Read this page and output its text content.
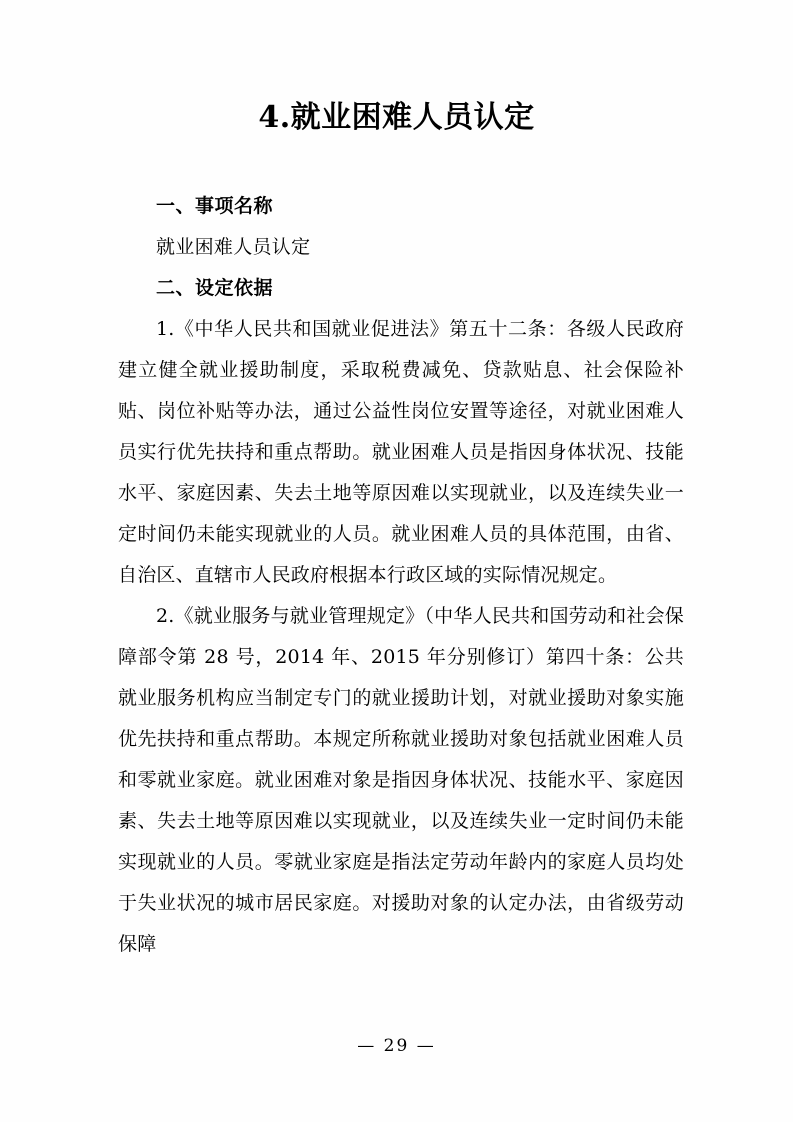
4.就业困难人员认定
一、事项名称
就业困难人员认定
二、设定依据

1.《中华人民共和国就业促进法》第五十二条：各级人民政府建立健全就业援助制度，采取税费减免、贷款贴息、社会保险补贴、岗位补贴等办法，通过公益性岗位安置等途径，对就业困难人员实行优先扶持和重点帮助。就业困难人员是指因身体状况、技能水平、家庭因素、失去土地等原因难以实现就业，以及连续失业一定时间仍未能实现就业的人员。就业困难人员的具体范围，由省、自治区、直辖市人民政府根据本行政区域的实际情况规定。

2.《就业服务与就业管理规定》（中华人民共和国劳动和社会保障部令第 28 号，2014 年、2015 年分别修订）第四十条：公共就业服务机构应当制定专门的就业援助计划，对就业援助对象实施优先扶持和重点帮助。本规定所称就业援助对象包括就业困难人员和零就业家庭。就业困难对象是指因身体状况、技能水平、家庭因素、失去土地等原因难以实现就业，以及连续失业一定时间仍未能实现就业的人员。零就业家庭是指法定劳动年龄内的家庭人员均处于失业状况的城市居民家庭。对援助对象的认定办法，由省级劳动保障

— 29 —
